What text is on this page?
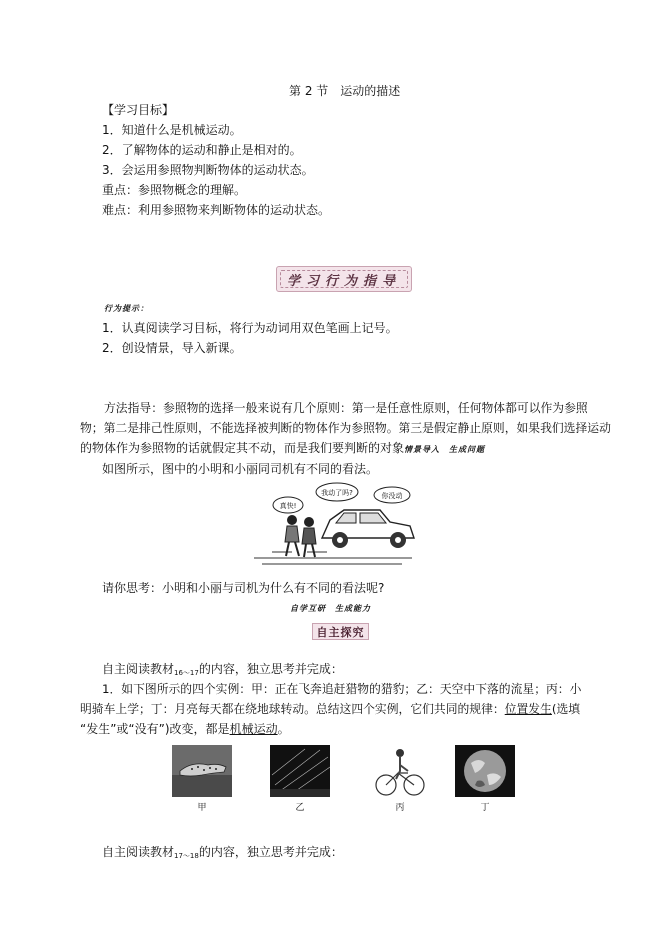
第 2 节　运动的描述
【学习目标】
1．知道什么是机械运动。
2．了解物体的运动和静止是相对的。
3．会运用参照物判断物体的运动状态。
重点：参照物概念的理解。
难点：利用参照物来判断物体的运动状态。
学习行为指导
行为提示：
1．认真阅读学习目标，将行为动词用双色笔画上记号。
2．创设情景，导入新课。
方法指导：参照物的选择一般来说有几个原则：第一是任意性原则，任何物体都可以作为参照
物；第二是排己性原则，不能选择被判断的物体作为参照物。第三是假定静止原则，如果我们选择运动
的物体作为参照物的话就假定其不动，而是我们要判断的对象情景导入　生成问题
如图所示，图中的小明和小丽同司机有不同的看法。
真快!
我动了吗?	你没动
请你思考：小明和小丽与司机为什么有不同的看法呢?
自学互研　生成能力
自主探究
自主阅读教材$_{16\sim 17}$的内容，独立思考并完成：
1．如下图所示的四个实例：甲：正在飞奔追赶猎物的猎豹；乙：天空中下落的流星；丙：小
明骑车上学；丁：月亮每天都在绕地球转动。总结这四个实例，它们共同的规律：位置发生(选填
“发生”或“没有”)改变，都是机械运动。
甲	乙	丙	丁
自主阅读教材$_{17\sim 18}$的内容，独立思考并完成：
